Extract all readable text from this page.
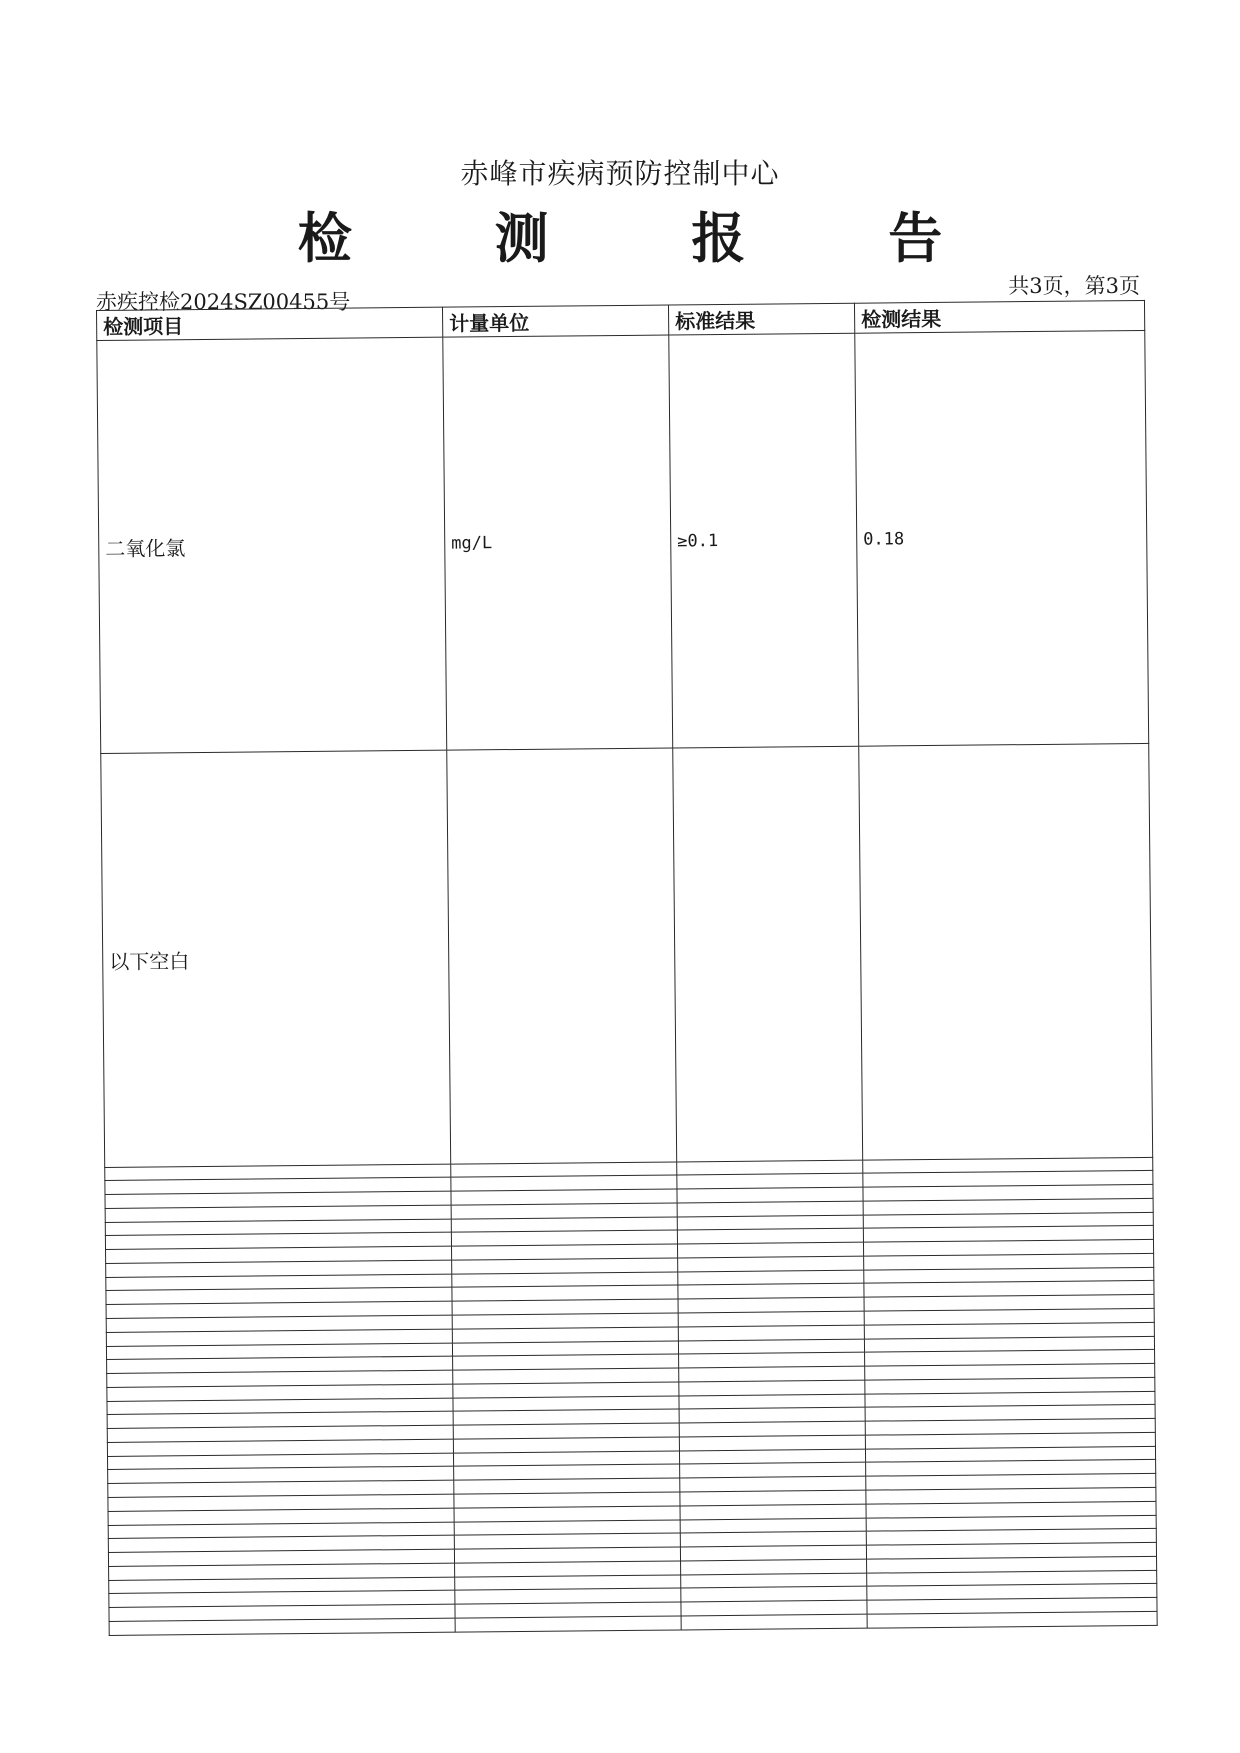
赤峰市疾病预防控制中心
检 测 报 告
赤疾控检2024SZ00455号
共3页，第3页
检测项目	计量单位	标准结果	检测结果
二氧化氯	mg/L	≥0.1	0.18
以下空白			
